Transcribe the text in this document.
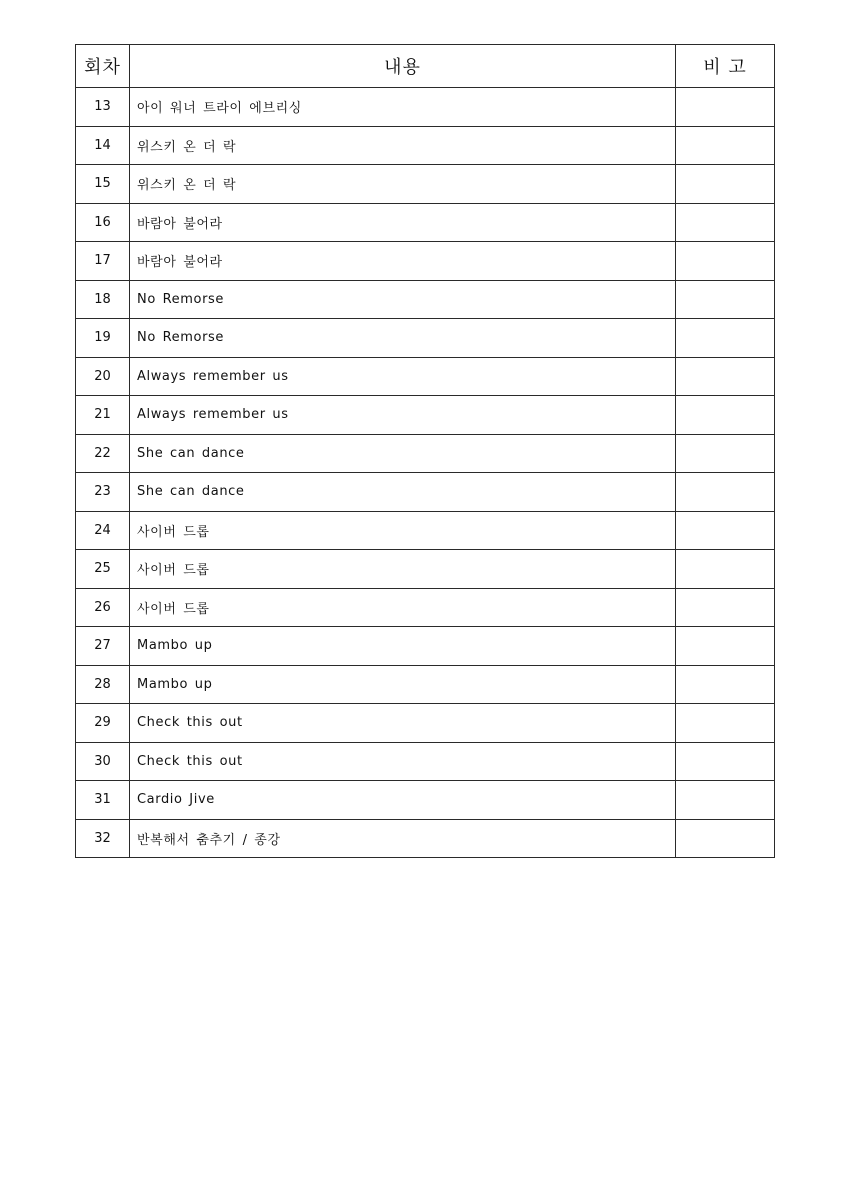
회차	내용	비 고
13	아이 워너 트라이 에브리싱	
14	위스키 온 더 락	
15	위스키 온 더 락	
16	바람아 불어라	
17	바람아 불어라	
18	No Remorse	
19	No Remorse	
20	Always remember us	
21	Always remember us	
22	She can dance	
23	She can dance	
24	사이버 드롭	
25	사이버 드롭	
26	사이버 드롭	
27	Mambo up	
28	Mambo up	
29	Check this out	
30	Check this out	
31	Cardio Jive	
32	반복해서 춤추기 / 종강	
